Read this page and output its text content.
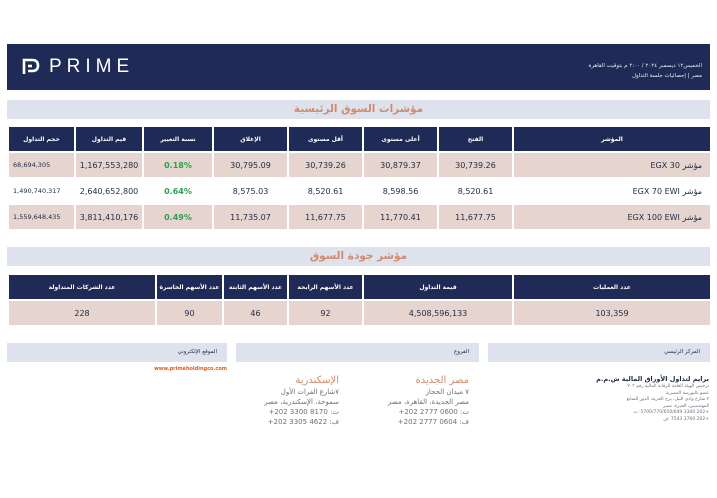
PRIME	الخميس١٢ ديسمبر ٢٠٢٤ / ٢:٠٠ م بتوقيت القاهرة
مصر | إحصائيات جلسة التداول
مؤشرات السوق الرئيسية
المؤشر	الفتح	أعلى مستوى	أقل مستوى	الإغلاق	نسبة التغيير	قيم التداول	حجم التداول
مؤشر EGX 30	30,739.26	30,879.37	30,739.26	30,795.09	0.18%	1,167,553,280	68,694,305
مؤشر EGX 70 EWI	8,520.61	8,598.56	8,520.61	8,575.03	0.64%	2,640,652,800	1,490,740,317
مؤشر EGX 100 EWI	11,677.75	11,770.41	11,677.75	11,735.07	0.49%	3,811,410,176	1,559,648,435
مؤشر جودة السوق
عدد العمليات	قيمة التداول	عدد الأسهم الرابحة	عدد الأسهم الثابتة	عدد الأسهم الخاسرة	عدد الشركات المتداولة
103,359	4,508,596,133	92	46	90	228
المركز الرئيسي
الفروع
الموقع الإلكتروني
www.primeholdingco.com
الإسكندرية
٧شارع الفرات الأول
سموحة، الإسكندرية، مصر
ت: 8170 3300 202+
ف: 4622 3305 202+
مصر الجديدة
٧ ميدان الحجاز
مصر الجديدة، القاهرة، مصر
ت: 0600 2777 202+
ف: 0604 2777 202+
برايم لتداول الأوراق المالية ش.م.م
ترخيص الهيئة العامة للرقابة المالية رقم ٢٠٣
عضو بالبورصة المصرية
٢ شارع وادي النيل، برج الحرية، الدور السابع
المهندسين، الجيزة، مصر
+202 3300 5700/770/650/649 :ت
+202 3760 7543 :ف
